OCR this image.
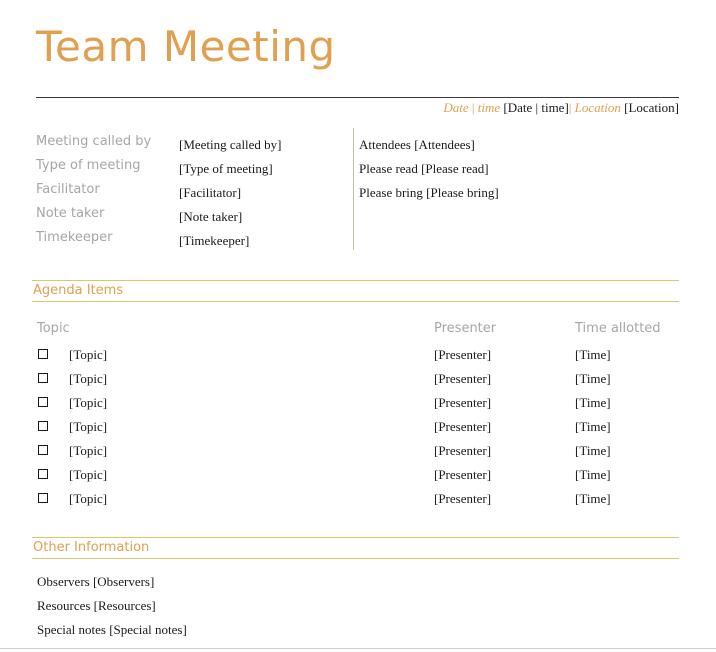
Team Meeting
Date | time [Date | time]| Location [Location]
Meeting called by [Meeting called by]
Type of meeting	[Type of meeting]
Facilitator	[Facilitator]
Note taker	[Note taker]
Timekeeper	[Timekeeper]
Attendees [Attendees]
Please read [Please read]
Please bring [Please bring]
Agenda Items
Topic	Presenter	Time allotted
[Topic]	[Presenter]	[Time]
[Topic]	[Presenter]	[Time]
[Topic]	[Presenter]	[Time]
[Topic]	[Presenter]	[Time]
[Topic]	[Presenter]	[Time]
[Topic]	[Presenter]	[Time]
[Topic]	[Presenter]	[Time]
Other Information
Observers [Observers]
Resources [Resources]
Special notes [Special notes]
